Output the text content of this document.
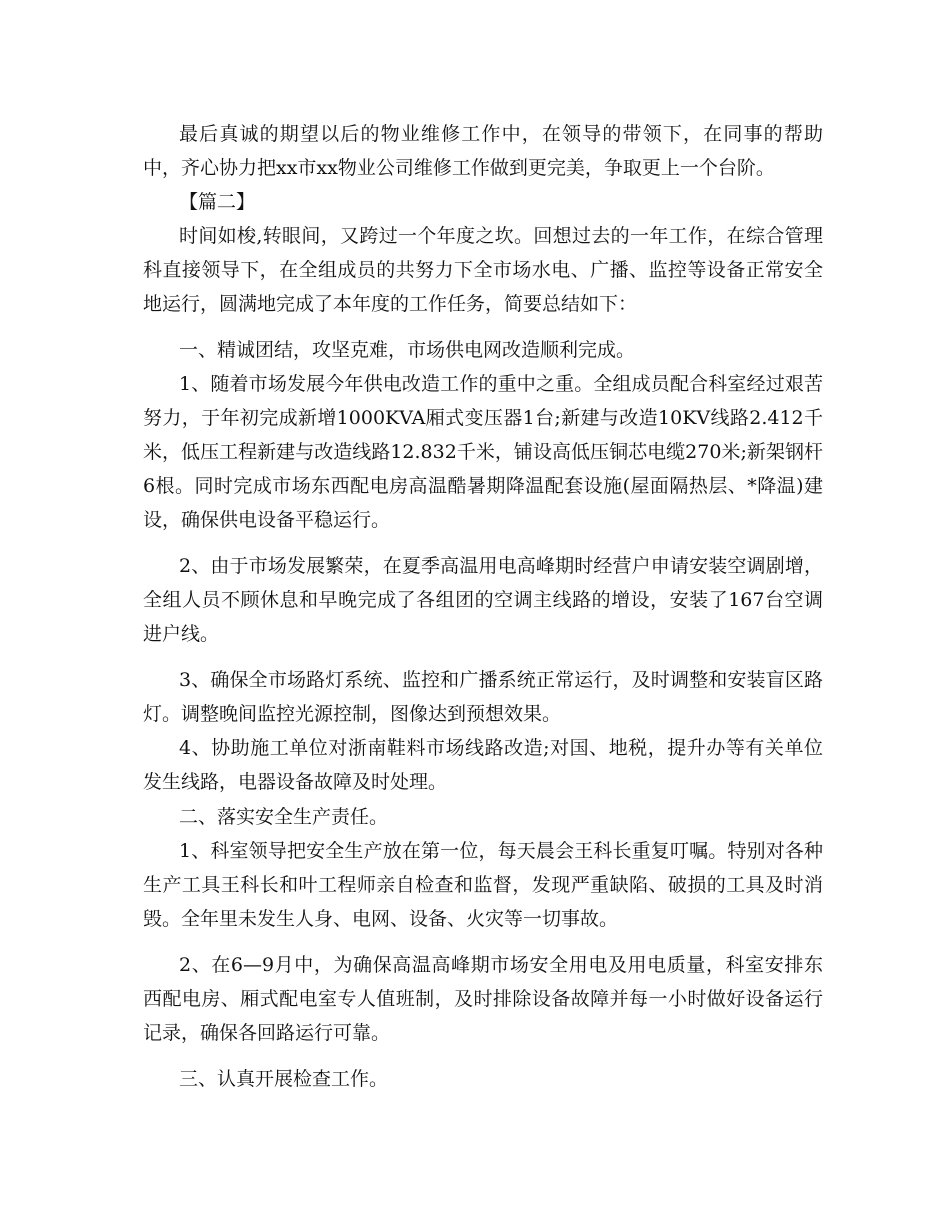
最后真诚的期望以后的物业维修工作中，在领导的带领下，在同事的帮助中，齐心协力把xx市xx物业公司维修工作做到更完美，争取更上一个台阶。

【篇二】

时间如梭,转眼间，又跨过一个年度之坎。回想过去的一年工作，在综合管理科直接领导下，在全组成员的共努力下全市场水电、广播、监控等设备正常安全地运行，圆满地完成了本年度的工作任务，简要总结如下：

一、精诚团结，攻坚克难，市场供电网改造顺利完成。

1、随着市场发展今年供电改造工作的重中之重。全组成员配合科室经过艰苦努力，于年初完成新增1000KVA厢式变压器1台;新建与改造10KV线路2.412千米，低压工程新建与改造线路12.832千米，铺设高低压铜芯电缆270米;新架钢杆6根。同时完成市场东西配电房高温酷暑期降温配套设施(屋面隔热层、*降温)建设，确保供电设备平稳运行。

2、由于市场发展繁荣，在夏季高温用电高峰期时经营户申请安装空调剧增，全组人员不顾休息和早晚完成了各组团的空调主线路的增设，安装了167台空调进户线。

3、确保全市场路灯系统、监控和广播系统正常运行，及时调整和安装盲区路灯。调整晚间监控光源控制，图像达到预想效果。

4、协助施工单位对浙南鞋料市场线路改造;对国、地税，提升办等有关单位发生线路，电器设备故障及时处理。

二、落实安全生产责任。

1、科室领导把安全生产放在第一位，每天晨会王科长重复叮嘱。特别对各种生产工具王科长和叶工程师亲自检查和监督，发现严重缺陷、破损的工具及时消毁。全年里未发生人身、电网、设备、火灾等一切事故。

2、在6—9月中，为确保高温高峰期市场安全用电及用电质量，科室安排东西配电房、厢式配电室专人值班制，及时排除设备故障并每一小时做好设备运行记录，确保各回路运行可靠。

三、认真开展检查工作。
